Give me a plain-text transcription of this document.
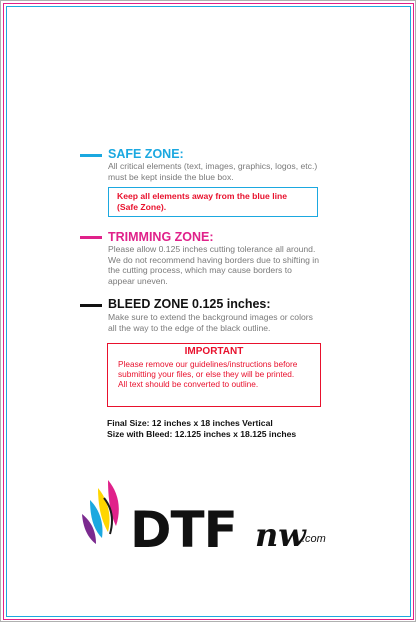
SAFE ZONE:
All critical elements (text, images, graphics, logos, etc.)
must be kept inside the blue box.
Keep all elements away from the blue line
(Safe Zone).
TRIMMING ZONE:
Please allow 0.125 inches cutting tolerance all around.
We do not recommend having borders due to shifting in
the cutting process, which may cause borders to
appear uneven.
BLEED ZONE 0.125 inches:
Make sure to extend the background images or colors
all the way to the edge of the black outline.
IMPORTANT
Please remove our guidelines/instructions before
submitting your files, or else they will be printed.
All text should be converted to outline.
Final Size: 12 inches x 18 inches Vertical
Size with Bleed: 12.125 inches x 18.125 inches
DTF nw
.com
